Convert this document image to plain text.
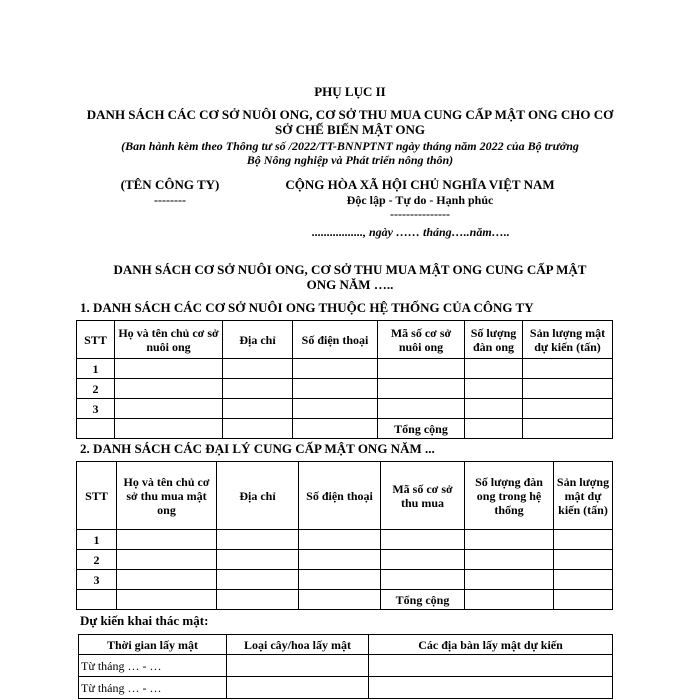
PHỤ LỤC II
DANH SÁCH CÁC CƠ SỞ NUÔI ONG, CƠ SỞ THU MUA CUNG CẤP MẬT ONG CHO CƠ
SỞ CHẾ BIẾN MẬT ONG
(Ban hành kèm theo Thông tư số /2022/TT-BNNPTNT ngày tháng năm 2022 của Bộ trưởng
Bộ Nông nghiệp và Phát triển nông thôn)
(TÊN CÔNG TY)
--------
CỘNG HÒA XÃ HỘI CHỦ NGHĨA VIỆT NAM
Độc lập - Tự do - Hạnh phúc
---------------
................., ngày …… tháng…..năm…..
DANH SÁCH CƠ SỞ NUÔI ONG, CƠ SỞ THU MUA MẬT ONG CUNG CẤP MẬT
ONG NĂM …..
1. DANH SÁCH CÁC CƠ SỞ NUÔI ONG THUỘC HỆ THỐNG CỦA CÔNG TY
STT	Họ và tên chủ cơ sở nuôi ong	Địa chỉ	Số điện thoại	Mã số cơ sở nuôi ong	Số lượng đàn ong	Sản lượng mật dự kiến (tấn)
1						
2						
3						
				Tổng cộng		
2. DANH SÁCH CÁC ĐẠI LÝ CUNG CẤP MẬT ONG NĂM ...
STT	Họ và tên chủ cơ sở thu mua mật ong	Địa chỉ	Số điện thoại	Mã số cơ sở thu mua	Số lượng đàn ong trong hệ thống	Sản lượng mật dự kiến (tấn)
1						
2						
3						
				Tổng cộng		
Dự kiến khai thác mật:
Thời gian lấy mật	Loại cây/hoa lấy mật	Các địa bàn lấy mật dự kiến
Từ tháng … - …		
Từ tháng … - …		
